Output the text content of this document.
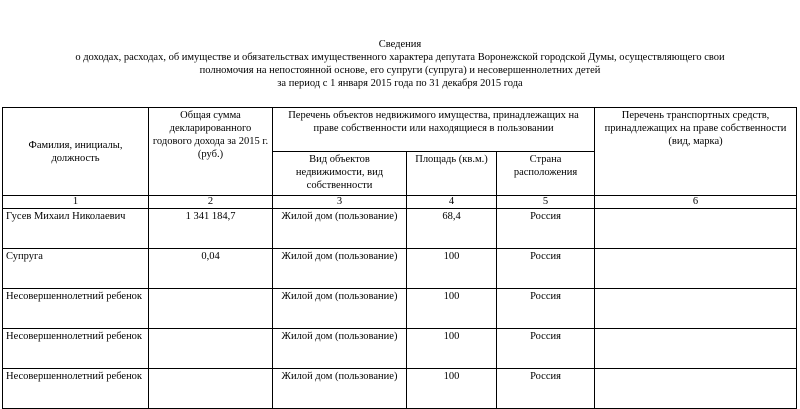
Сведения
о доходах, расходах, об имуществе и обязательствах имущественного характера депутата Воронежской городской Думы, осуществляющего свои
полномочия на непостоянной основе, его супруги (супруга) и несовершеннолетних детей
за период с 1 января 2015 года по 31 декабря 2015 года
Фамилия, инициалы, должность	Общая сумма декларированного годового дохода за 2015 г. (руб.)	Перечень объектов недвижимого имущества, принадлежащих на праве собственности или находящиеся в пользовании			Перечень транспортных средств, принадлежащих на праве собственности (вид, марка)
		Вид объектов недвижимости, вид собственности	Площадь (кв.м.)	Страна расположения	
1	2	3	4	5	6
Гусев Михаил Николаевич	1 341 184,7	Жилой дом (пользование)	68,4	Россия	
Супруга	0,04	Жилой дом (пользование)	100	Россия	
Несовершеннолетний ребенок		Жилой дом (пользование)	100	Россия	
Несовершеннолетний ребенок		Жилой дом (пользование)	100	Россия	
Несовершеннолетний ребенок		Жилой дом (пользование)	100	Россия	
